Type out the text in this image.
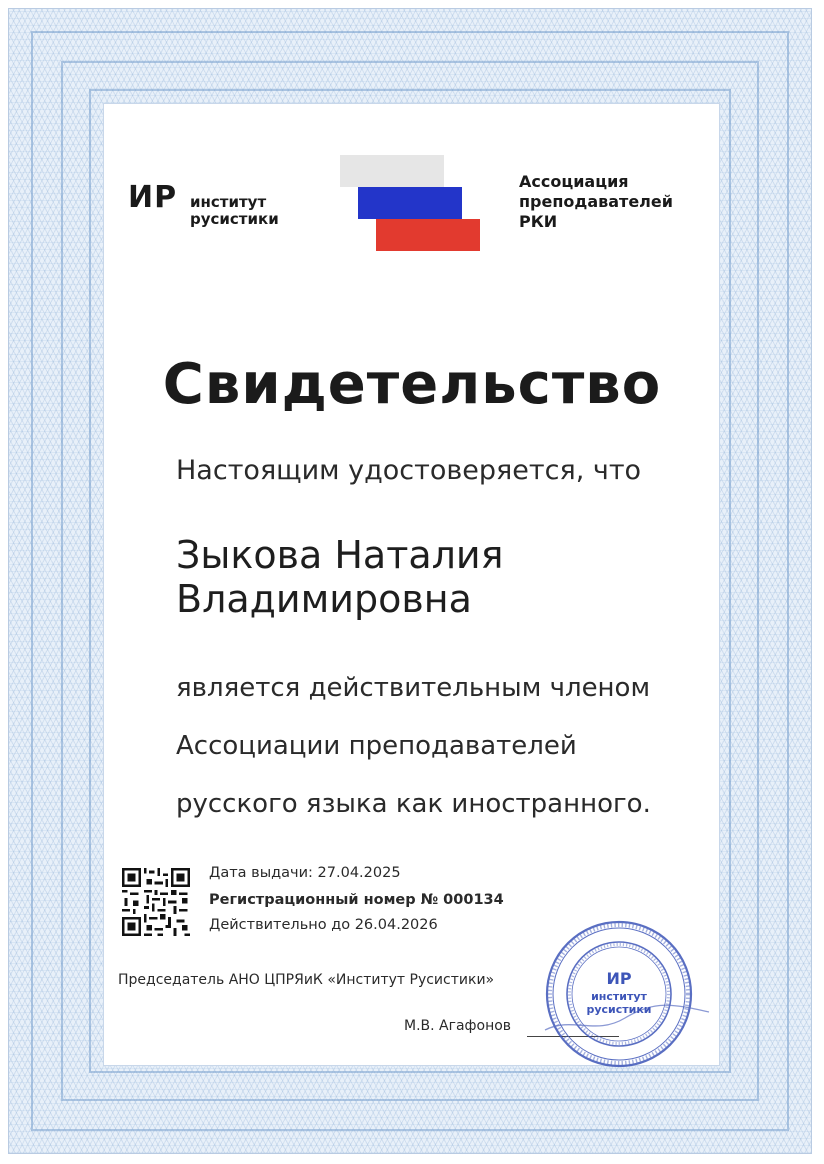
ИР институт
русистики
Ассоциация
преподавателей
РКИ
Свидетельство
Настоящим удостоверяется, что
Зыкова Наталия
Владимировна
является действительным членом
Ассоциации преподавателей
русского языка как иностранного.
Дата выдачи: 27.04.2025
Регистрационный номер № 000134
Действительно до 26.04.2026
Председатель АНО ЦПРЯиК «Институт Русистики»
М.В. Агафонов
ИР
институт
русистики
